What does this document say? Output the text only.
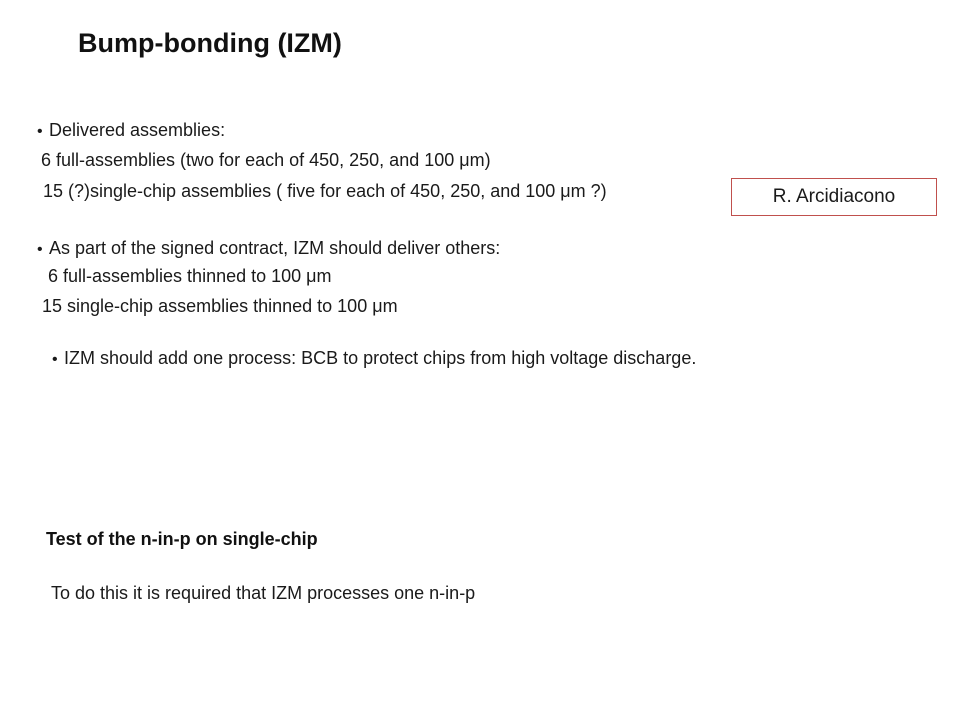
Bump-bonding (IZM)
• Delivered assemblies:
6 full-assemblies (two for each of 450, 250, and 100 μm)
15 (?)single-chip assemblies ( five for each of 450, 250, and 100 μm ?)	R. Arcidiacono
• As part of the signed contract, IZM should deliver others:
6 full-assemblies thinned to 100 μm
15 single-chip assemblies thinned to 100 μm
• IZM should add one process: BCB to protect chips from high voltage discharge.
Test of the n-in-p on single-chip
To do this it is required that IZM processes one n-in-p
